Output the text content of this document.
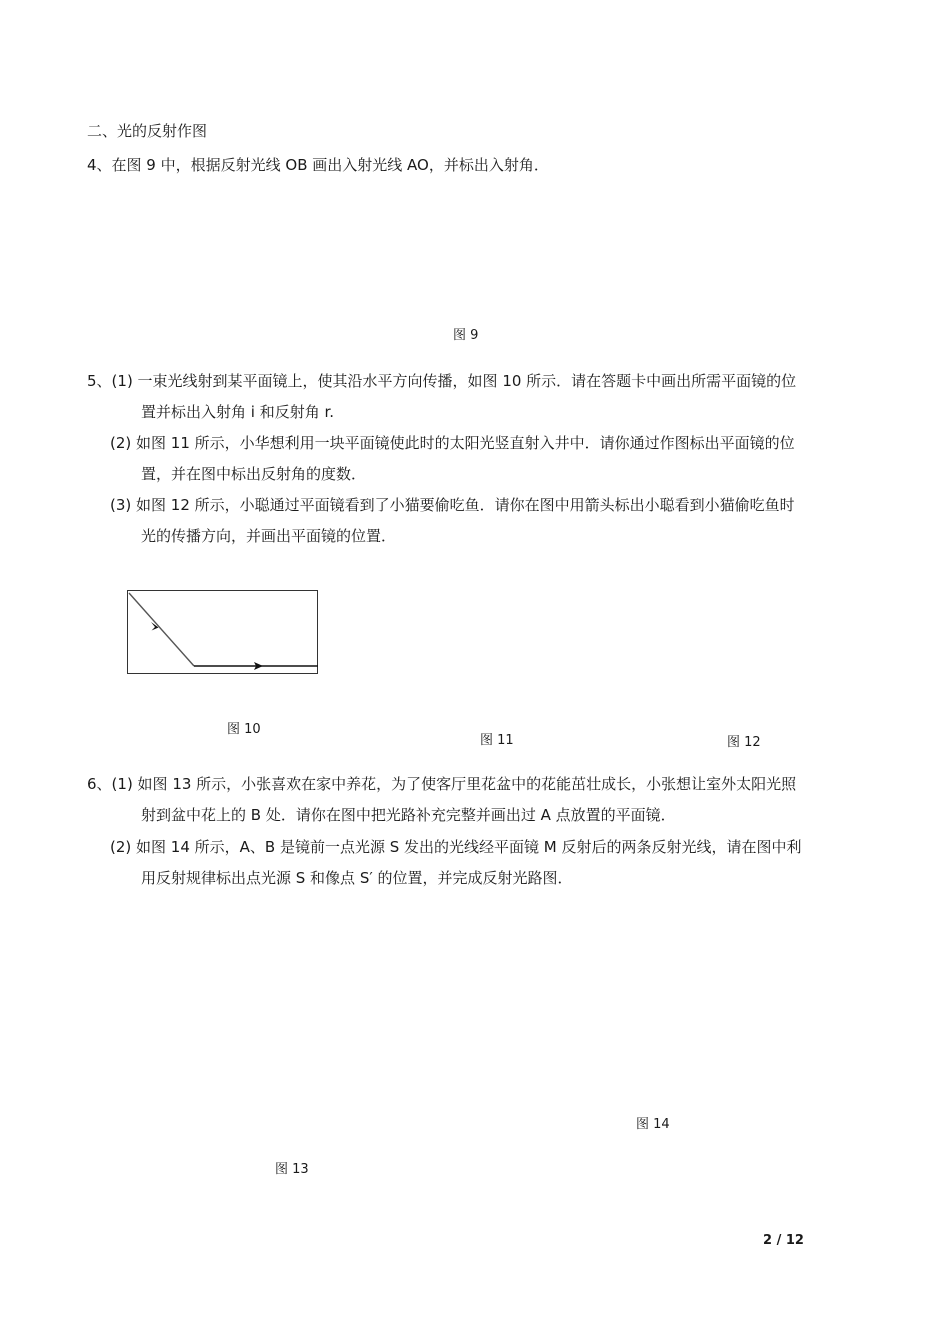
二、光的反射作图
4、在图 9 中，根据反射光线 OB 画出入射光线 AO，并标出入射角．
图 9
5、(1) 一束光线射到某平面镜上，使其沿水平方向传播，如图 10 所示．请在答题卡中画出所需平面镜的位
置并标出入射角 i 和反射角 r.
(2) 如图 11 所示，小华想利用一块平面镜使此时的太阳光竖直射入井中．请你通过作图标出平面镜的位
置，并在图中标出反射角的度数．
(3) 如图 12 所示，小聪通过平面镜看到了小猫要偷吃鱼．请你在图中用箭头标出小聪看到小猫偷吃鱼时
光的传播方向，并画出平面镜的位置．
图 10
图 11	图 12
6、(1) 如图 13 所示，小张喜欢在家中养花，为了使客厅里花盆中的花能茁壮成长，小张想让室外太阳光照
射到盆中花上的 B 处．请你在图中把光路补充完整并画出过 A 点放置的平面镜．
(2) 如图 14 所示，A、B 是镜前一点光源 S 发出的光线经平面镜 M 反射后的两条反射光线，请在图中利
用反射规律标出点光源 S 和像点 S′ 的位置，并完成反射光路图．
图 14
图 13
2 / 12
